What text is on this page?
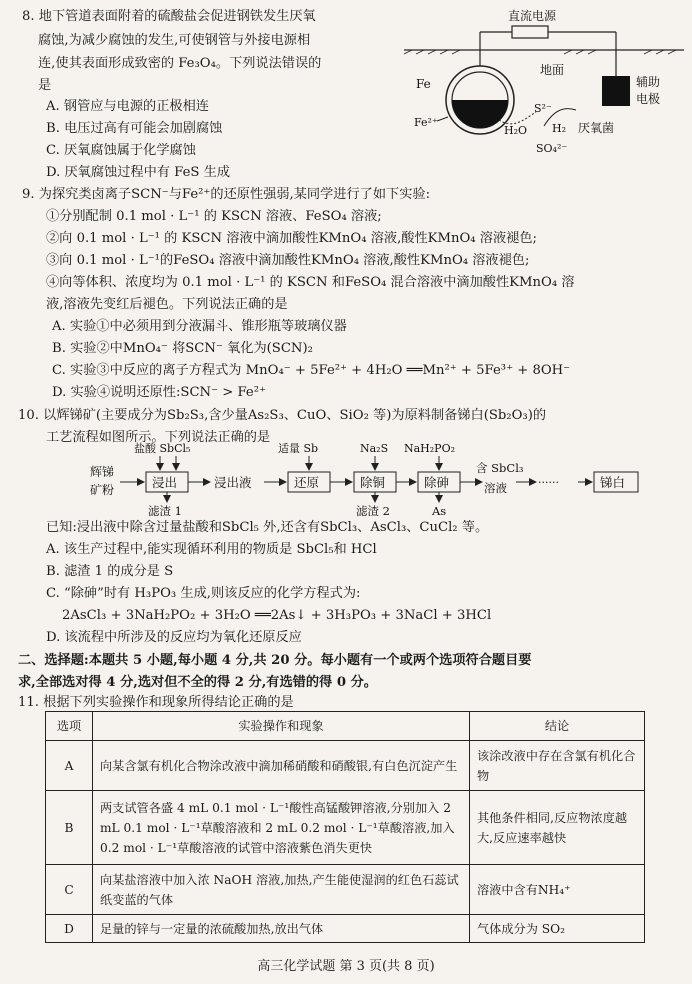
8. 地下管道表面附着的硫酸盐会促进钢铁发生厌氧
腐蚀,为减少腐蚀的发生,可使钢管与外接电源相
连,使其表面形成致密的 Fe₃O₄。下列说法错误的
是
A. 钢管应与电源的正极相连
B. 电压过高有可能会加剧腐蚀
C. 厌氧腐蚀属于化学腐蚀
D. 厌氧腐蚀过程中有 FeS 生成
直流电源
地面
辅助
电极
Fe
Fe²⁺
H₂O
S²⁻
H₂
SO₄²⁻
厌氧菌
9. 为探究类卤离子SCN⁻与Fe²⁺的还原性强弱,某同学进行了如下实验:
①分别配制 0.1 mol · L⁻¹ 的 KSCN 溶液、FeSO₄ 溶液;
②向 0.1 mol · L⁻¹ 的 KSCN 溶液中滴加酸性KMnO₄ 溶液,酸性KMnO₄ 溶液褪色;
③向 0.1 mol · L⁻¹的FeSO₄ 溶液中滴加酸性KMnO₄ 溶液,酸性KMnO₄ 溶液褪色;
④向等体积、浓度均为 0.1 mol · L⁻¹ 的 KSCN 和FeSO₄ 混合溶液中滴加酸性KMnO₄ 溶
液,溶液先变红后褪色。下列说法正确的是
A. 实验①中必须用到分液漏斗、锥形瓶等玻璃仪器
B. 实验②中MnO₄⁻ 将SCN⁻ 氧化为(SCN)₂
C. 实验③中反应的离子方程式为 MnO₄⁻ + 5Fe²⁺ + 4H₂O ══Mn²⁺ + 5Fe³⁺ + 8OH⁻
D. 实验④说明还原性:SCN⁻ > Fe²⁺
10. 以辉锑矿(主要成分为Sb₂S₃,含少量As₂S₃、CuO、SiO₂ 等)为原料制备锑白(Sb₂O₃)的
工艺流程如图所示。下列说法正确的是
辉锑
矿粉	浸出
盐酸 SbCl₅
滤渣 1
浸出液	还原
适量 Sb
除铜
Na₂S
滤渣 2
除砷
NaH₂PO₂
As
含 SbCl₃
溶液	······	锑白
已知:浸出液中除含过量盐酸和SbCl₅ 外,还含有SbCl₃、AsCl₃、CuCl₂ 等。
A. 该生产过程中,能实现循环利用的物质是 SbCl₅和 HCl
B. 滤渣 1 的成分是 S
C. “除砷”时有 H₃PO₃ 生成,则该反应的化学方程式为:
2AsCl₃ + 3NaH₂PO₂ + 3H₂O ══2As↓ + 3H₃PO₃ + 3NaCl + 3HCl
D. 该流程中所涉及的反应均为氧化还原反应
二、选择题:本题共 5 小题,每小题 4 分,共 20 分。每小题有一个或两个选项符合题目要
求,全部选对得 4 分,选对但不全的得 2 分,有选错的得 0 分。
11. 根据下列实验操作和现象所得结论正确的是
选项	实验操作和现象	结论
A	向某含氯有机化合物涂改液中滴加稀硝酸和硝酸银,有白色沉淀产生	该涂改液中存在含氯有机化合物
B	两支试管各盛 4 mL 0.1 mol · L⁻¹酸性高锰酸钾溶液,分别加入 2 mL 0.1 mol · L⁻¹草酸溶液和 2 mL 0.2 mol · L⁻¹草酸溶液,加入 0.2 mol · L⁻¹草酸溶液的试管中溶液紫色消失更快	其他条件相同,反应物浓度越大,反应速率越快
C	向某盐溶液中加入浓 NaOH 溶液,加热,产生能使湿润的红色石蕊试纸变蓝的气体	溶液中含有NH₄⁺
D	足量的锌与一定量的浓硫酸加热,放出气体	气体成分为 SO₂
高三化学试题 第 3 页(共 8 页)
